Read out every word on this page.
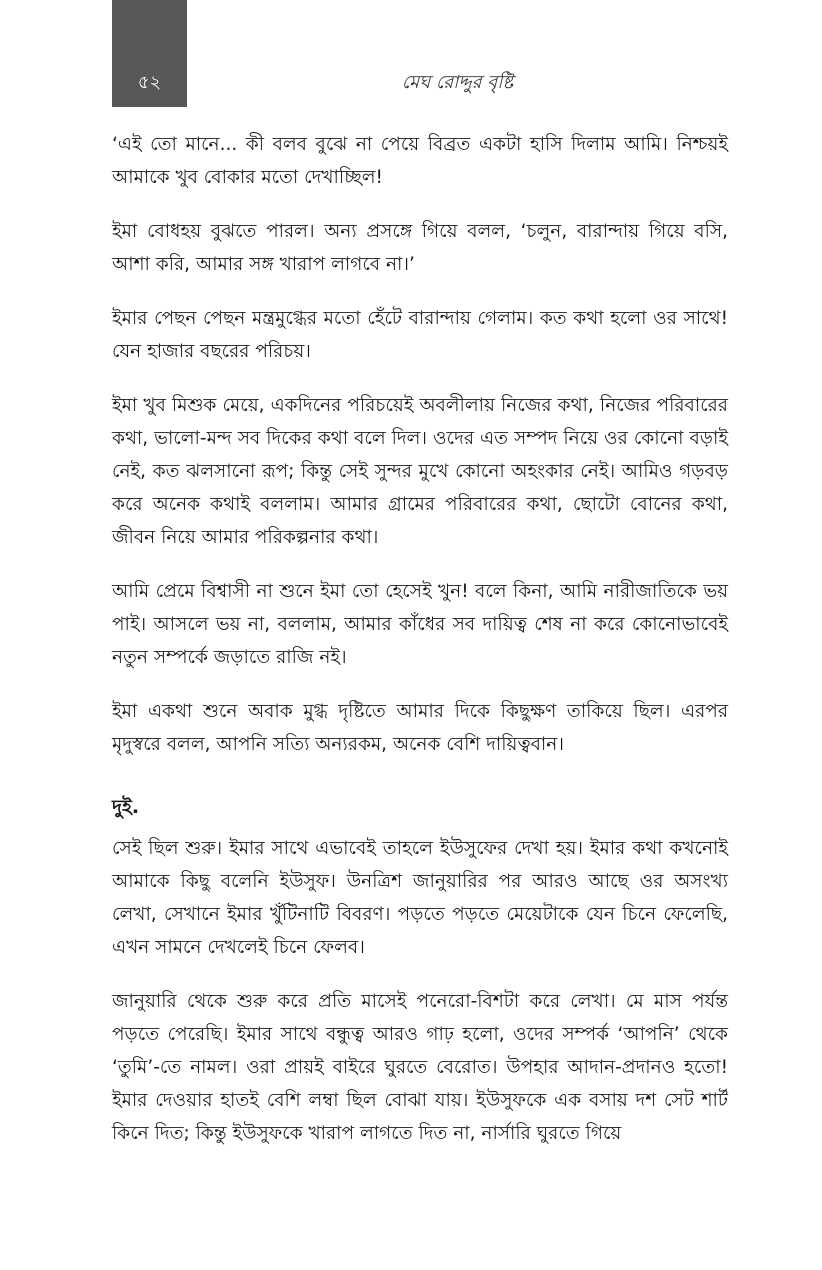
৫২	মেঘ রোদ্দুর বৃষ্টি

‘এই তো মানে... কী বলব বুঝে না পেয়ে বিব্রত একটা হাসি দিলাম আমি। নিশ্চয়ই আমাকে খুব বোকার মতো দেখাচ্ছিল!

ইমা বোধহয় বুঝতে পারল। অন্য প্রসঙ্গে গিয়ে বলল, ‘চলুন, বারান্দায় গিয়ে বসি, আশা করি, আমার সঙ্গ খারাপ লাগবে না।’

ইমার পেছন পেছন মন্ত্রমুগ্ধের মতো হেঁটে বারান্দায় গেলাম। কত কথা হলো ওর সাথে! যেন হাজার বছরের পরিচয়।

ইমা খুব মিশুক মেয়ে, একদিনের পরিচয়েই অবলীলায় নিজের কথা, নিজের পরিবারের কথা, ভালো-মন্দ সব দিকের কথা বলে দিল। ওদের এত সম্পদ নিয়ে ওর কোনো বড়াই নেই, কত ঝলসানো রূপ; কিন্তু সেই সুন্দর মুখে কোনো অহংকার নেই। আমিও গড়বড় করে অনেক কথাই বললাম। আমার গ্রামের পরিবারের কথা, ছোটো বোনের কথা, জীবন নিয়ে আমার পরিকল্পনার কথা।

আমি প্রেমে বিশ্বাসী না শুনে ইমা তো হেসেই খুন! বলে কিনা, আমি নারীজাতিকে ভয় পাই। আসলে ভয় না, বললাম, আমার কাঁধের সব দায়িত্ব শেষ না করে কোনোভাবেই নতুন সম্পর্কে জড়াতে রাজি নই।

ইমা একথা শুনে অবাক মুগ্ধ দৃষ্টিতে আমার দিকে কিছুক্ষণ তাকিয়ে ছিল। এরপর মৃদুস্বরে বলল, আপনি সত্যি অন্যরকম, অনেক বেশি দায়িত্ববান।

দুই.

সেই ছিল শুরু। ইমার সাথে এভাবেই তাহলে ইউসুফের দেখা হয়। ইমার কথা কখনোই আমাকে কিছু বলেনি ইউসুফ। উনত্রিশ জানুয়ারির পর আরও আছে ওর অসংখ্য লেখা, সেখানে ইমার খুঁটিনাটি বিবরণ। পড়তে পড়তে মেয়েটাকে যেন চিনে ফেলেছি, এখন সামনে দেখলেই চিনে ফেলব।

জানুয়ারি থেকে শুরু করে প্রতি মাসেই পনেরো-বিশটা করে লেখা। মে মাস পর্যন্ত পড়তে পেরেছি। ইমার সাথে বন্ধুত্ব আরও গাঢ় হলো, ওদের সম্পর্ক ‘আপনি’ থেকে ‘তুমি’-তে নামল। ওরা প্রায়ই বাইরে ঘুরতে বেরোত। উপহার আদান-প্রদানও হতো! ইমার দেওয়ার হাতই বেশি লম্বা ছিল বোঝা যায়। ইউসুফকে এক বসায় দশ সেট শার্ট কিনে দিত; কিন্তু ইউসুফকে খারাপ লাগতে দিত না, নার্সারি ঘুরতে গিয়ে
